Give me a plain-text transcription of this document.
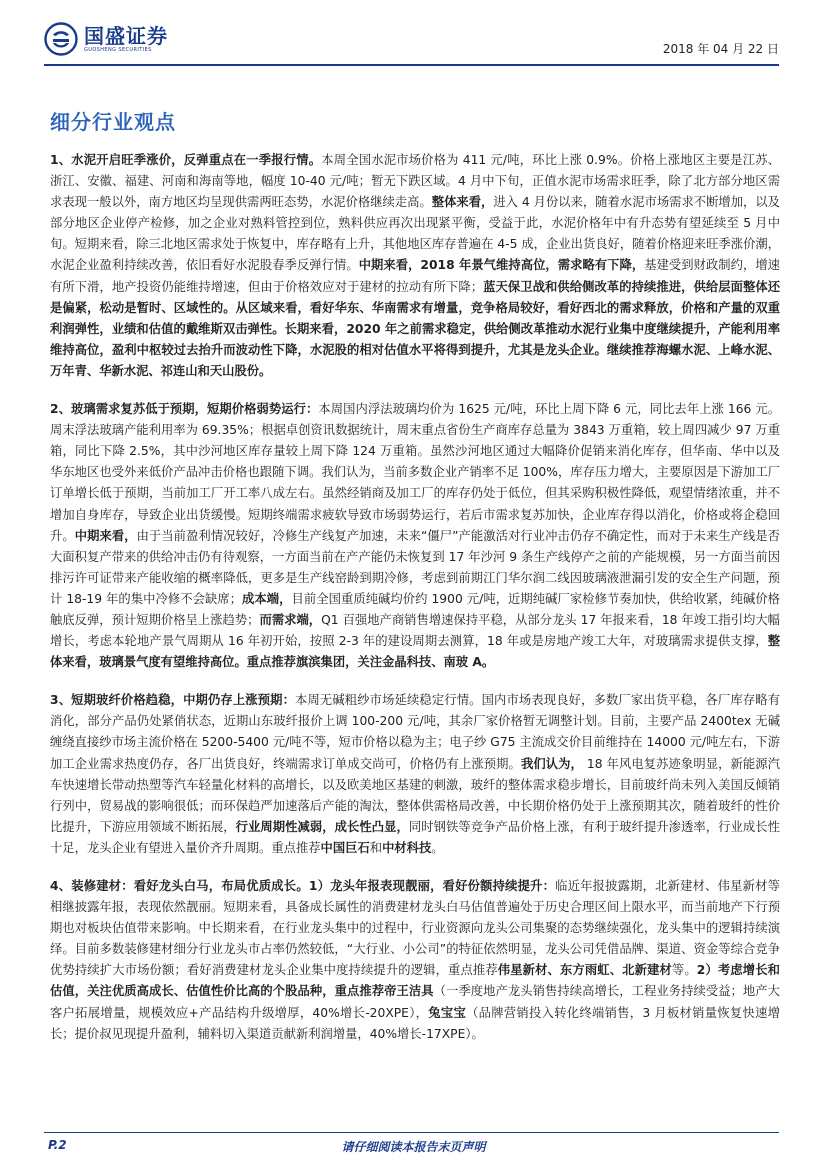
国盛证券
GUOSHENG SECURITIES	2018 年 04 月 22 日
细分行业观点

1、水泥开启旺季涨价，反弹重点在一季报行情。本周全国水泥市场价格为 411 元/吨，环比上涨 0.9%。价格上涨地区主要是江苏、浙江、安徽、福建、河南和海南等地，幅度 10-40 元/吨；暂无下跌区域。4 月中下旬，正值水泥市场需求旺季，除了北方部分地区需求表现一般以外，南方地区均呈现供需两旺态势，水泥价格继续走高。整体来看，进入 4 月份以来，随着水泥市场需求不断增加，以及部分地区企业停产检修，加之企业对熟料管控到位，熟料供应再次出现紧平衡，受益于此，水泥价格年中有升态势有望延续至 5 月中旬。短期来看，除三北地区需求处于恢复中，库存略有上升，其他地区库存普遍在 4-5 成，企业出货良好，随着价格迎来旺季涨价潮，水泥企业盈利持续改善，依旧看好水泥股春季反弹行情。中期来看，2018 年景气维持高位，需求略有下降，基建受到财政制约，增速有所下滑，地产投资仍能维持增速，但由于价格效应对于建材的拉动有所下降；蓝天保卫战和供给侧改革的持续推进，供给层面整体还是偏紧，松动是暂时、区域性的。从区域来看，看好华东、华南需求有增量，竞争格局较好，看好西北的需求释放，价格和产量的双重利润弹性，业绩和估值的戴维斯双击弹性。长期来看，2020 年之前需求稳定，供给侧改革推动水泥行业集中度继续提升，产能利用率维持高位，盈利中枢较过去抬升而波动性下降，水泥股的相对估值水平将得到提升，尤其是龙头企业。继续推荐海螺水泥、上峰水泥、万年青、华新水泥、祁连山和天山股份。

2、玻璃需求复苏低于预期，短期价格弱势运行：本周国内浮法玻璃均价为 1625 元/吨，环比上周下降 6 元，同比去年上涨 166 元。周末浮法玻璃产能利用率为 69.35%；根据卓创资讯数据统计，周末重点省份生产商库存总量为 3843 万重箱，较上周四减少 97 万重箱，同比下降 2.5%，其中沙河地区库存量较上周下降 124 万重箱。虽然沙河地区通过大幅降价促销来消化库存，但华南、华中以及华东地区也受外来低价产品冲击价格也跟随下调。我们认为，当前多数企业产销率不足 100%，库存压力增大，主要原因是下游加工厂订单增长低于预期，当前加工厂开工率八成左右。虽然经销商及加工厂的库存仍处于低位，但其采购积极性降低，观望情绪浓重，并不增加自身库存，导致企业出货缓慢。短期终端需求疲软导致市场弱势运行，若后市需求复苏加快，企业库存得以消化，价格或将企稳回升。中期来看，由于当前盈利情况较好，冷修生产线复产加速，未来“僵尸”产能激活对行业冲击仍存不确定性，而对于未来生产线是否大面积复产带来的供给冲击仍有待观察，一方面当前在产产能仍未恢复到 17 年沙河 9 条生产线停产之前的产能规模，另一方面当前因排污许可证带来产能收缩的概率降低，更多是生产线窑龄到期冷修，考虑到前期江门华尔润二线因玻璃液泄漏引发的安全生产问题，预计 18-19 年的集中冷修不会缺席；成本端，目前全国重质纯碱均价约 1900 元/吨，近期纯碱厂家检修节奏加快，供给收紧，纯碱价格触底反弹，预计短期价格呈上涨趋势；而需求端，Q1 百强地产商销售增速保持平稳，从部分龙头 17 年报来看，18 年竣工指引均大幅增长，考虑本轮地产景气周期从 16 年初开始，按照 2-3 年的建设周期去测算，18 年或是房地产竣工大年，对玻璃需求提供支撑，整体来看，玻璃景气度有望维持高位。重点推荐旗滨集团，关注金晶科技、南玻 A。

3、短期玻纤价格趋稳，中期仍存上涨预期：本周无碱粗纱市场延续稳定行情。国内市场表现良好，多数厂家出货平稳，各厂库存略有消化，部分产品仍处紧俏状态，近期山东玻纤报价上调 100-200 元/吨，其余厂家价格暂无调整计划。目前，主要产品 2400tex 无碱缠绕直接纱市场主流价格在 5200-5400 元/吨不等，短市价格以稳为主；电子纱 G75 主流成交价目前维持在 14000 元/吨左右，下游加工企业需求热度仍存，各厂出货良好，终端需求订单成交尚可，价格仍有上涨预期。我们认为， 18 年风电复苏迹象明显，新能源汽车快速增长带动热塑等汽车轻量化材料的高增长，以及欧美地区基建的刺激，玻纤的整体需求稳步增长，目前玻纤尚未列入美国反倾销行列中，贸易战的影响很低；而环保趋严加速落后产能的淘汰，整体供需格局改善，中长期价格仍处于上涨预期其次，随着玻纤的性价比提升，下游应用领域不断拓展，行业周期性减弱，成长性凸显，同时钢铁等竞争产品价格上涨，有利于玻纤提升渗透率，行业成长性十足，龙头企业有望进入量价齐升周期。重点推荐中国巨石和中材科技。

4、装修建材：看好龙头白马，布局优质成长。1）龙头年报表现靓丽，看好份额持续提升：临近年报披露期，北新建材、伟星新材等相继披露年报，表现依然靓丽。短期来看，具备成长属性的消费建材龙头白马估值普遍处于历史合理区间上限水平，而当前地产下行预期也对板块估值带来影响。中长期来看，在行业龙头集中的过程中，行业资源向龙头公司集聚的态势继续强化，龙头集中的逻辑持续演绎。目前多数装修建材细分行业龙头市占率仍然较低，“大行业、小公司”的特征依然明显，龙头公司凭借品牌、渠道、资金等综合竞争优势持续扩大市场份额；看好消费建材龙头企业集中度持续提升的逻辑，重点推荐伟星新材、东方雨虹、北新建材等。2）考虑增长和估值，关注优质高成长、估值性价比高的个股品种，重点推荐帝王洁具（一季度地产龙头销售持续高增长，工程业务持续受益；地产大客户拓展增量，规模效应+产品结构升级增厚，40%增长-20XPE），兔宝宝（品牌营销投入转化终端销售，3 月板材销量恢复快速增长；提价叔见现提升盈利，辅料切入渠道贡献新利润增量，40%增长-17XPE）。

P.2	请仔细阅读本报告末页声明
